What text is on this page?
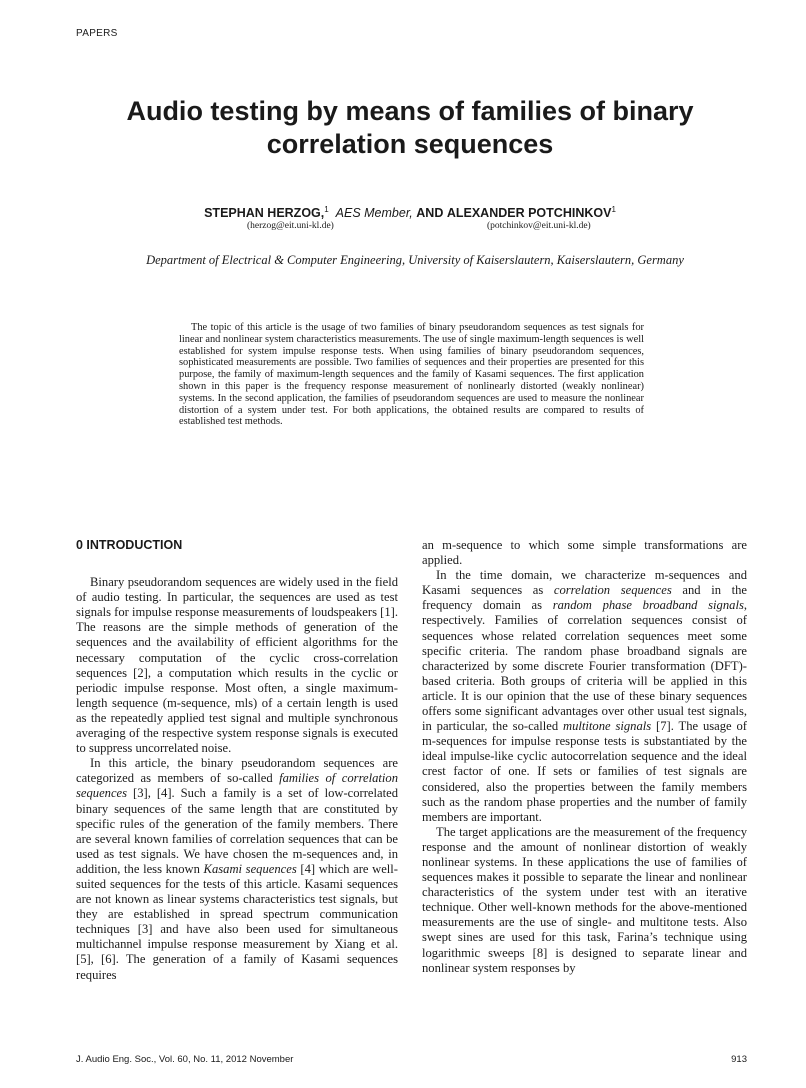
PAPERS
Audio testing by means of families of binary correlation sequences
STEPHAN HERZOG,$^1$ AES Member, AND ALEXANDER POTCHINKOV$^1$
(herzog@eit.uni-kl.de)	(potchinkov@eit.uni-kl.de)
Department of Electrical & Computer Engineering, University of Kaiserslautern, Kaiserslautern, Germany
The topic of this article is the usage of two families of binary pseudorandom sequences as test signals for linear and nonlinear system characteristics measurements. The use of single maximum-length sequences is well established for system impulse response tests. When using families of binary pseudorandom sequences, sophisticated measurements are possible. Two families of sequences and their properties are presented for this purpose, the family of maximum-length sequences and the family of Kasami sequences. The first application shown in this paper is the frequency response measurement of nonlinearly distorted (weakly nonlinear) systems. In the second application, the families of pseudorandom sequences are used to measure the nonlinear distortion of a system under test. For both applications, the obtained results are compared to results of established test methods.
0 INTRODUCTION

Binary pseudorandom sequences are widely used in the field of audio testing. In particular, the sequences are used as test signals for impulse response measurements of loudspeakers [1]. The reasons are the simple methods of generation of the sequences and the availability of efficient algorithms for the necessary computation of the cyclic cross-correlation sequences [2], a computation which results in the cyclic or periodic impulse response. Most often, a single maximum-length sequence (m-sequence, mls) of a certain length is used as the repeatedly applied test signal and multiple synchronous averaging of the respective system response signals is executed to suppress uncorrelated noise.

In this article, the binary pseudorandom sequences are categorized as members of so-called families of correlation sequences [3], [4]. Such a family is a set of low-correlated binary sequences of the same length that are constituted by specific rules of the generation of the family members. There are several known families of correlation sequences that can be used as test signals. We have chosen the m-sequences and, in addition, the less known Kasami sequences [4] which are well-suited sequences for the tests of this article. Kasami sequences are not known as linear systems characteristics test signals, but they are established in spread spectrum communication techniques [3] and have also been used for simultaneous multichannel impulse response measurement by Xiang et al. [5], [6]. The generation of a family of Kasami sequences requires

an m-sequence to which some simple transformations are applied.

In the time domain, we characterize m-sequences and Kasami sequences as correlation sequences and in the frequency domain as random phase broadband signals, respectively. Families of correlation sequences consist of sequences whose related correlation sequences meet some specific criteria. The random phase broadband signals are characterized by some discrete Fourier transformation (DFT)-based criteria. Both groups of criteria will be applied in this article. It is our opinion that the use of these binary sequences offers some significant advantages over other usual test signals, in particular, the so-called multitone signals [7]. The usage of m-sequences for impulse response tests is substantiated by the ideal impulse-like cyclic autocorrelation sequence and the ideal crest factor of one. If sets or families of test signals are considered, also the properties between the family members such as the random phase properties and the number of family members are important.

The target applications are the measurement of the frequency response and the amount of nonlinear distortion of weakly nonlinear systems. In these applications the use of families of sequences makes it possible to separate the linear and nonlinear characteristics of the system under test with an iterative technique. Other well-known methods for the above-mentioned measurements are the use of single- and multitone tests. Also swept sines are used for this task, Farina’s technique using logarithmic sweeps [8] is designed to separate linear and nonlinear system responses by

J. Audio Eng. Soc., Vol. 60, No. 11, 2012 November	913
